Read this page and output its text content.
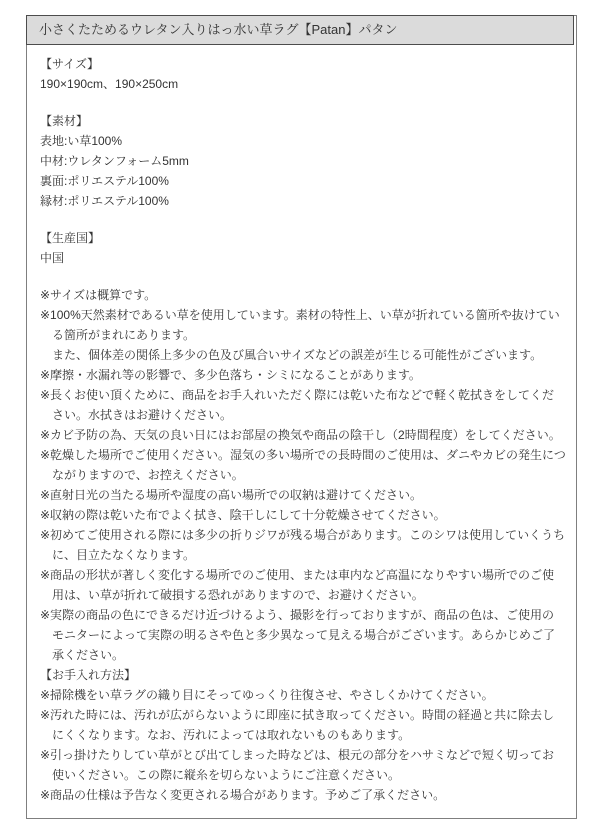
小さくたためるウレタン入りはっ水い草ラグ【Patan】パタン
【サイズ】
190×190cm、190×250cm
【素材】
表地:い草100%
中材:ウレタンフォーム5mm
裏面:ポリエステル100%
縁材:ポリエステル100%
【生産国】
中国
※サイズは概算です。
※100%天然素材であるい草を使用しています。素材の特性上、い草が折れている箇所や抜けている箇所がまれにあります。
また、個体差の関係上多少の色及び風合いサイズなどの誤差が生じる可能性がございます。
※摩擦・水漏れ等の影響で、多少色落ち・シミになることがあります。
※長くお使い頂くために、商品をお手入れいただく際には乾いた布などで軽く乾拭きをしてください。水拭きはお避けください。
※カビ予防の為、天気の良い日にはお部屋の換気や商品の陰干し（2時間程度）をしてください。
※乾燥した場所でご使用ください。湿気の多い場所での長時間のご使用は、ダニやカビの発生につながりますので、お控えください。
※直射日光の当たる場所や湿度の高い場所での収納は避けてください。
※収納の際は乾いた布でよく拭き、陰干しにして十分乾燥させてください。
※初めてご使用される際には多少の折りジワが残る場合があります。このシワは使用していくうちに、目立たなくなります。
※商品の形状が著しく変化する場所でのご使用、または車内など高温になりやすい場所でのご使用は、い草が折れて破損する恐れがありますので、お避けください。
※実際の商品の色にできるだけ近づけるよう、撮影を行っておりますが、商品の色は、ご使用のモニターによって実際の明るさや色と多少異なって見える場合がございます。あらかじめご了承ください。
【お手入れ方法】
※掃除機をい草ラグの織り目にそってゆっくり往復させ、やさしくかけてください。
※汚れた時には、汚れが広がらないように即座に拭き取ってください。時間の経過と共に除去しにくくなります。なお、汚れによっては取れないものもあります。
※引っ掛けたりしてい草がとび出てしまった時などは、根元の部分をハサミなどで短く切ってお使いください。この際に縦糸を切らないようにご注意ください。
※商品の仕様は予告なく変更される場合があります。予めご了承ください。
